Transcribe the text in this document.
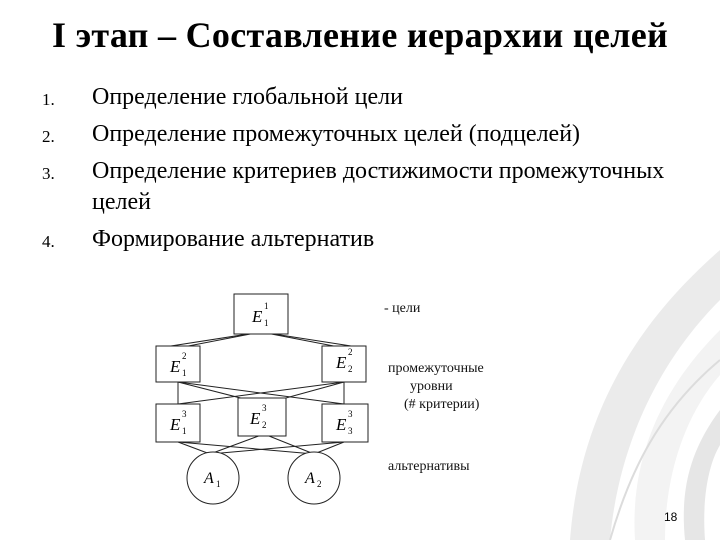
I этап – Составление иерархии целей
1. Определение глобальной цели
2. Определение промежуточных целей (подцелей)
3. Определение критериев достижимости промежуточных целей
4. Формирование альтернатив
E 1
1
E 1
2	E 2
2
E 1
3	E 2
3
E 3
3
A 1	A 2
- цели
промежуточные
уровни
(# критерии)
альтернативы
18
